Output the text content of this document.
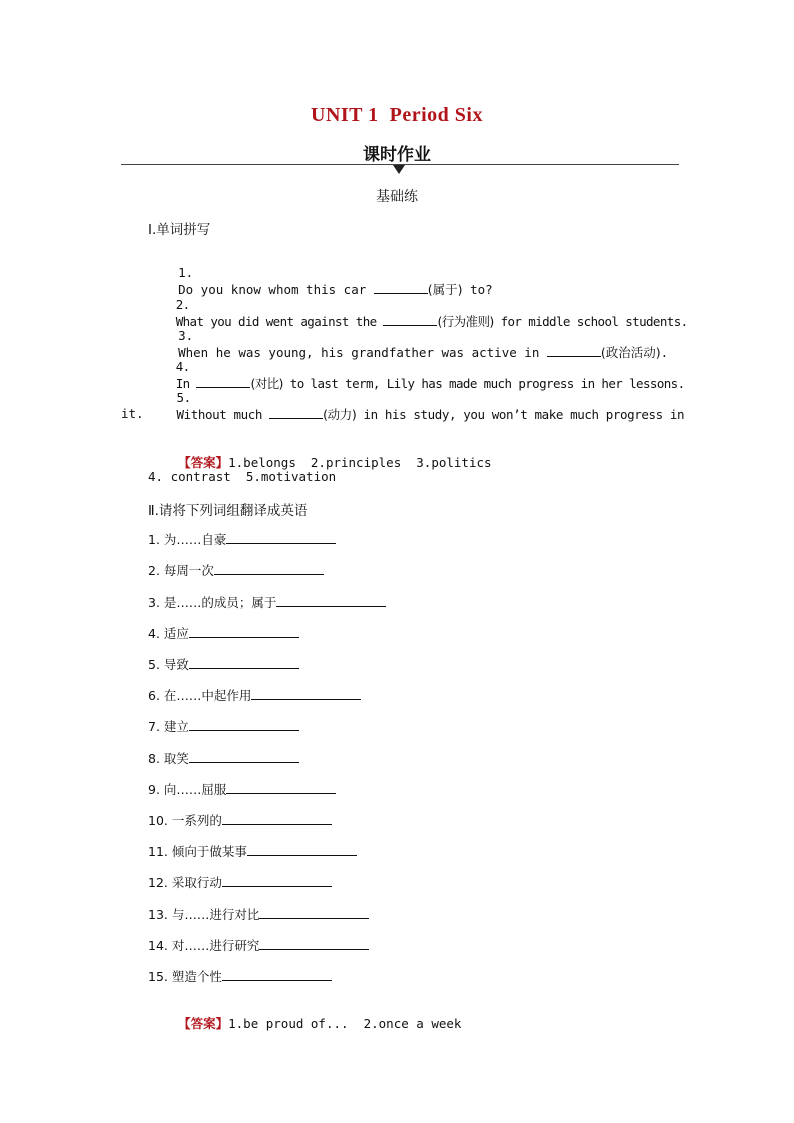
UNIT 1  Period Six
课时作业
基础练
Ⅰ.单词拼写

1.
Do you know whom this car	(属于) to?

2.
What you did went against the	(行为准则) for middle school students.

3.
When he was young, his grandfather was active in	(政治活动).

4.
In	(对比) to last term, Lily has made much progress in her lessons.

5.
Without much	(动力) in his study, you won’t make much progress in

it.

【答案】1.belongs  2.principles  3.politics

4. contrast  5.motivation
Ⅱ.请将下列词组翻译成英语
1. 为……自豪
2. 每周一次
3. 是……的成员；属于
4. 适应
5. 导致
6. 在……中起作用
7. 建立
8. 取笑
9. 向……屈服
10. 一系列的
11. 倾向于做某事
12. 采取行动
13. 与……进行对比
14. 对……进行研究
15. 塑造个性

【答案】1.be proud of...  2.once a week
